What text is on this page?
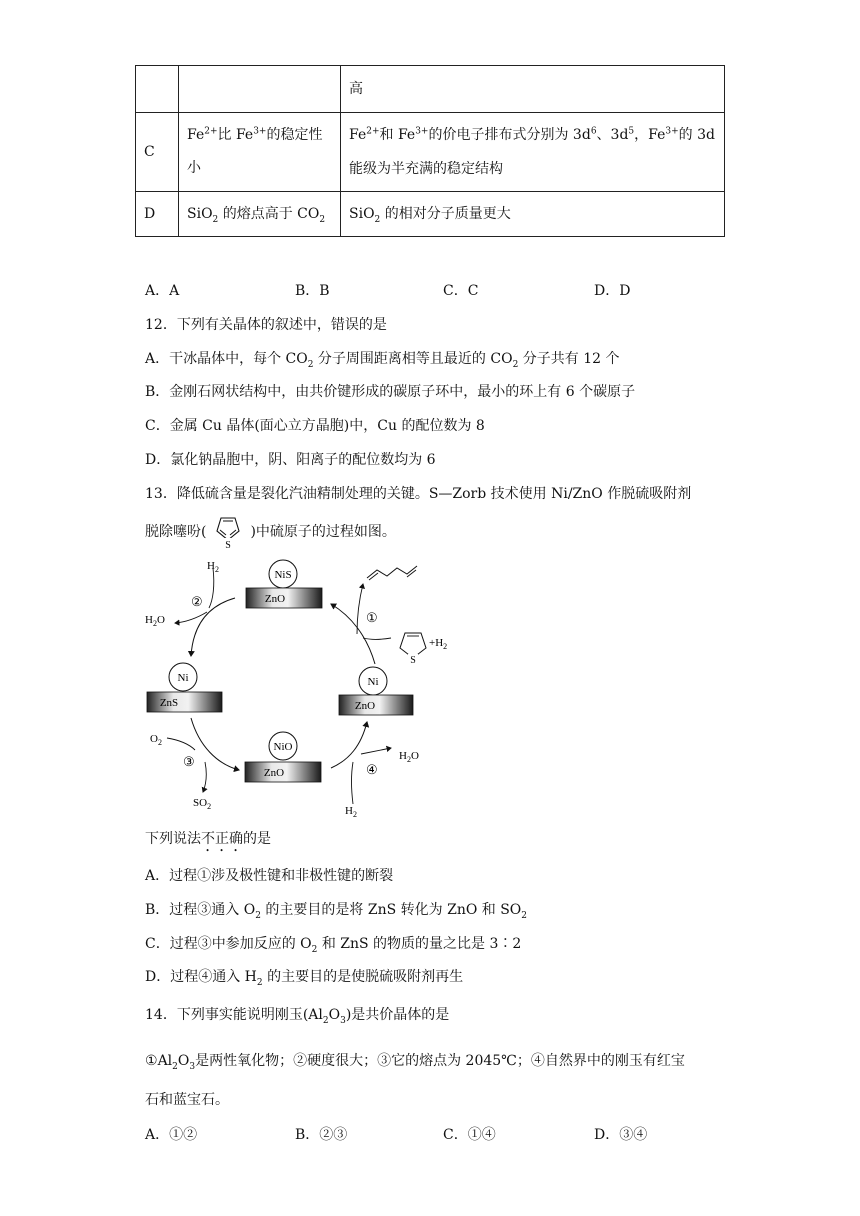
		高
C	$Fe^{2+}$比 $Fe^{3+}$的稳定性小	$Fe^{2+}$和 $Fe^{3+}$的价电子排布式分别为 $3d^6$、$3d^5$，$Fe^{3+}$的 3d
能级为半充满的稳定结构
D	SiO$_2$ 的熔点高于 $CO_2$	SiO$_2$ 的相对分子质量更大
A．A	B．B	C．C	D．D
12．下列有关晶体的叙述中，错误的是
A．干冰晶体中，每个 $CO_2$ 分子周围距离相等且最近的 $CO_2$ 分子共有 12 个
B．金刚石网状结构中，由共价键形成的碳原子环中，最小的环上有 6 个碳原子
C．金属 Cu 晶体(面心立方晶胞)中，Cu 的配位数为 8
D．氯化钠晶胞中，阴、阳离子的配位数均为 6
13．降低硫含量是裂化汽油精制处理的关键。S—Zorb 技术使用 Ni/ZnO 作脱硫吸附剂
脱除噻吩(
S
)中硫原子的过程如图。
NiS
ZnO
Ni
ZnS
Ni
ZnO
NiO
ZnO
$H_2$
②
$H_2O$	①
S
$+H_2$
$O_2$
③
$SO_2$
④
$H_2O$
$H_2$
下列说法不正确的是
A．过程①涉及极性键和非极性键的断裂
B．过程③通入 $O_2$ 的主要目的是将 ZnS 转化为 ZnO 和 $SO_2$
C．过程③中参加反应的 $O_2$ 和 ZnS 的物质的量之比是 3∶2
D．过程④通入 $H_2$ 的主要目的是使脱硫吸附剂再生
14．下列事实能说明刚玉$(Al_2O_3)$是共价晶体的是
$①Al_2O_3$是两性氧化物；②硬度很大；③它的熔点为 2045℃；④自然界中的刚玉有红宝
石和蓝宝石。
A．①②	B．②③	C．①④	D．③④
